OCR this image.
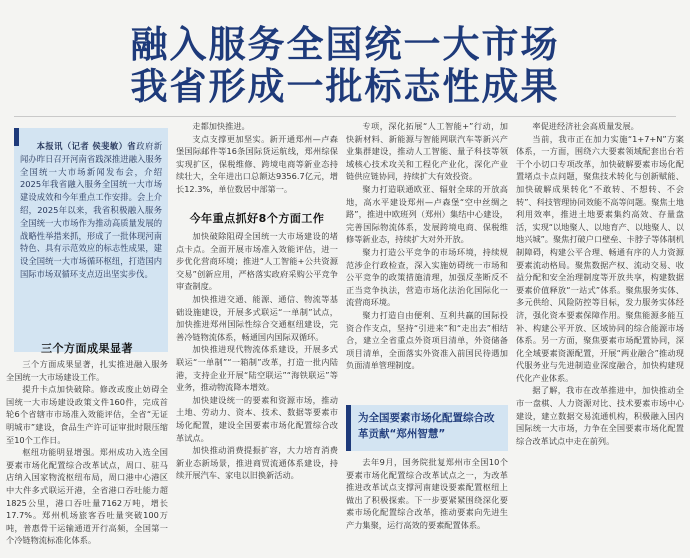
融入服务全国统一大市场
我省形成一批标志性成果

本报讯（记者 侯斐敏）省政府新闻办昨日召开河南省践深推进融入服务全国统一大市场新闻发布会，介绍2025年我省融入服务全国统一大市场建设成效和今年重点工作安排。会上介绍，2025年以来，我省积极融入服务全国统一大市场作为推动高质量发展的战略性举措来抓，形成了一批体现河南特色、具有示范效应的标志性成果，建设全国统一大市场循环枢纽，打造国内国际市场双循环支点迈出坚实步伐。

三个方面成果显著

三个方面成果显著，扎实推进融入服务全国统一大市场建设工作。

提升卡点加快破除。修改或废止妨碍全国统一大市场建设政策文件160件，完成首轮6个省辖市市场准入效能评估，全省“无证明城市”建设，食品生产许可证审批时限压缩至10个工作日。

枢纽功能明显增强。郑州成功入选全国要素市场化配置综合改革试点，周口、驻马店纳入国家物流枢纽布局，周口港中心港区中大件多式联运开港，全省港口吞吐能力超1825公里，港口吞吐量7162万吨，增长17.7%。郑州机场旅客吞吐量突破100万吨，普惠骨干运输通道开行高频，全国第一个冷链物流标准化体系。

走都加快推进。

支点支撑更加坚实。新开通郑州—卢森堡国际邮件等16条国际货运航线，郑州综保实现扩区，保税维修、跨境电商等新业态持续壮大，全年进出口总额达9356.7亿元，增长12.3%，单位数居中部第一。

今年重点抓好8个方面工作

加快破除阻碍全国统一大市场建设的堵点卡点。全面开展市场准入效能评估，进一步优化营商环境；推进“人工智能+公共资源交易”创新应用，严格落实政府采购公平竞争审查制度。

加快推进交通、能源、通信、物流等基础设施建设，开展多式联运“一单制”试点，加快推进郑州国际性综合交通枢纽建设，完善冷链物流体系，畅通国内国际双循环。

加快推进现代物流体系建设，开展多式联运“一单制”“一箱制”改革，打造一批内陆港，支持企业开展“陆空联运”“海铁联运”等业务，推动物流降本增效。

加快建设统一的要素和资源市场，推动土地、劳动力、资本、技术、数据等要素市场化配置，建设全国要素市场化配置综合改革试点。

加快推动消费提振扩容，大力培育消费新业态新场景，推进商贸流通体系建设，持续开展汽车、家电以旧换新活动。

专项，深化拓展“人工智能+”行动，加快新材料、新能源与智能网联汽车等新兴产业集群建设，推动人工智能、量子科技等领域核心技术攻关和工程化产业化，深化产业链供应链协同，持续扩大有效投资。

聚力打造联通欧亚、辐射全球的开放高地，高水平建设郑州—卢森堡“空中丝绸之路”，推进中欧班列（郑州）集结中心建设，完善国际物流体系，发展跨境电商、保税维修等新业态，持续扩大对外开放。

聚力打造公平竞争的市场环境，持续规范涉企行政检查，深入实施妨碍统一市场和公平竞争的政策措施清理，加强反垄断反不正当竞争执法，营造市场化法治化国际化一流营商环境。

聚力打造自由便利、互利共赢的国际投资合作支点，坚持“引进来”和“走出去”相结合，建立全省重点外资项目清单，外资储备项目清单，全面落实外资准入前国民待遇加负面清单管理制度。

为全国要素市场化配置综合改革贡献“郑州智慧”

去年9月，国务院批复郑州市全国10个要素市场化配置综合改革试点之一，为改革推进改革试点支撑河南建设要素配置枢纽上做出了积极探索。下一步要紧紧围绕深化要素市场化配置综合改革，推动要素向先进生产力集聚，运行高效的要素配置体系。

率促进经济社会高质量发展。

当前，我市正在加力实施“1+7+N”方案体系，一方面，围绕六大要素领域配套出台若干个小切口专项改革，加快破解要素市场化配置堵点卡点问题，聚焦技术转化与创新赋能、加快破解成果转化“不敢转、不想转、不会转”、科技管理协同效能不高等问题。聚焦土地利用效率，推进土地要素集约高效、存量盘活，实现“以地聚人、以地育产、以地聚人、以地兴城”。聚焦打破户口壁垒、卡脖子等体制机制障碍，构建公平合理、畅通有序的人力资源要素流动格局。聚焦数据产权、流动交易、收益分配和安全治理制度等开放共享，构建数据要素价值释放“一站式”体系。聚焦服务实体、多元供给、风险防控等目标，发力服务实体经济，强化资本要素保障作用。聚焦能源多能互补、构建公平开放、区域协同的综合能源市场体系。另一方面，聚焦要素市场配置协同，深化全域要素资源配置，开展“两业融合”推动现代服务业与先进制造业深度融合，加快构建现代化产业体系。

据了解，我市在改革推进中，加快推动全市一盘棋、人力资源对比、技术要素市场中心建设，建立数据交易流通机构，积极融入国内国际统一大市场，力争在全国要素市场化配置综合改革试点中走在前列。
